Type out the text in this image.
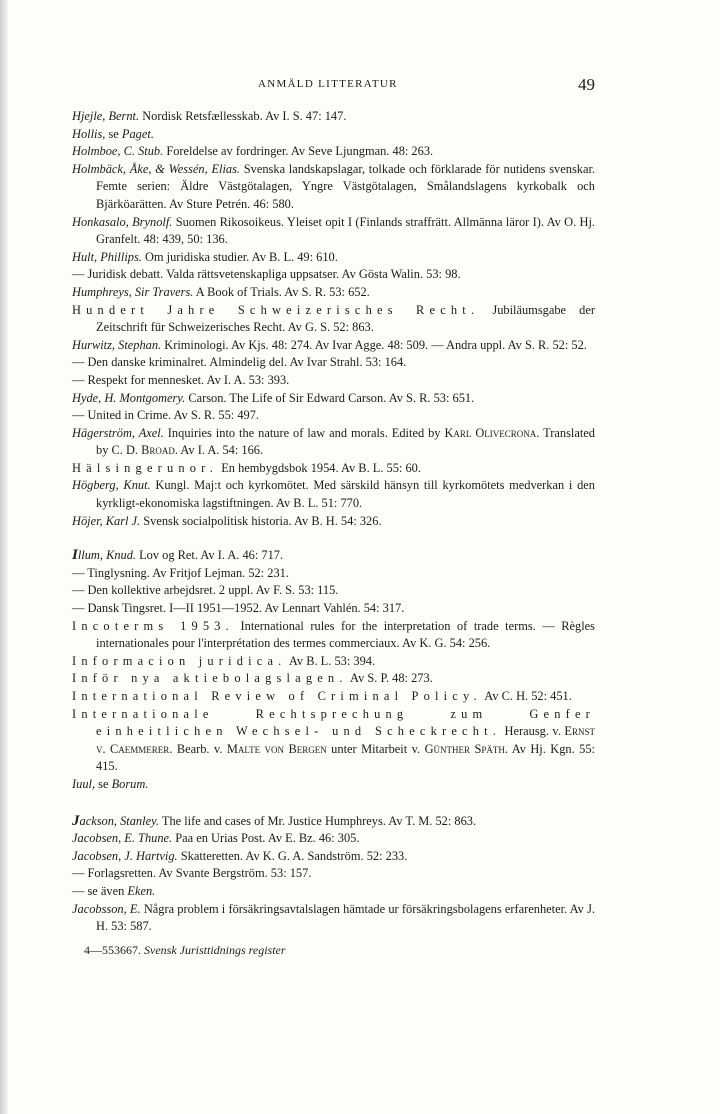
ANMÄLD LITTERATUR	49
Hjejle, Bernt. Nordisk Retsfællesskab. Av I. S. 47: 147.
Hollis, se Paget.
Holmboe, C. Stub. Foreldelse av fordringer. Av Seve Ljungman. 48: 263.
Holmbäck, Åke, & Wessén, Elias. Svenska landskapslagar, tolkade och förklarade för nutidens svenskar. Femte serien: Äldre Västgötalagen, Yngre Västgötalagen, Smålandslagens kyrkobalk och Bjärköarätten. Av Sture Petrén. 46: 580.
Honkasalo, Brynolf. Suomen Rikosoikeus. Yleiset opit I (Finlands straffrätt. Allmänna läror I). Av O. Hj. Granfelt. 48: 439, 50: 136.
Hult, Phillips. Om juridiska studier. Av B. L. 49: 610.
— Juridisk debatt. Valda rättsvetenskapliga uppsatser. Av Gösta Walin. 53: 98.
Humphreys, Sir Travers. A Book of Trials. Av S. R. 53: 652.
Hundert Jahre Schweizerisches Recht. Jubiläumsgabe der Zeitschrift für Schweizerisches Recht. Av G. S. 52: 863.
Hurwitz, Stephan. Kriminologi. Av Kjs. 48: 274. Av Ivar Agge. 48: 509. — Andra uppl. Av S. R. 52: 52.
— Den danske kriminalret. Almindelig del. Av Ivar Strahl. 53: 164.
— Respekt for mennesket. Av I. A. 53: 393.
Hyde, H. Montgomery. Carson. The Life of Sir Edward Carson. Av S. R. 53: 651.
— United in Crime. Av S. R. 55: 497.
Hägerström, Axel. Inquiries into the nature of law and morals. Edited by Karl Olivecrona. Translated by C. D. Broad. Av I. A. 54: 166.
Hälsingerunor. En hembygdsbok 1954. Av B. L. 55: 60.
Högberg, Knut. Kungl. Maj:t och kyrkomötet. Med särskild hänsyn till kyrkomötets medverkan i den kyrkligt-ekonomiska lagstiftningen. Av B. L. 51: 770.
Höjer, Karl J. Svensk socialpolitisk historia. Av B. H. 54: 326.
Illum, Knud. Lov og Ret. Av I. A. 46: 717.
— Tinglysning. Av Fritjof Lejman. 52: 231.
— Den kollektive arbejdsret. 2 uppl. Av F. S. 53: 115.
— Dansk Tingsret. I—II 1951—1952. Av Lennart Vahlén. 54: 317.
Incoterms 1953. International rules for the interpretation of trade terms. — Règles internationales pour l'interprétation des termes commerciaux. Av K. G. 54: 256.
Informacion juridica. Av B. L. 53: 394.
Inför nya aktiebolagslagen. Av S. P. 48: 273.
International Review of Criminal Policy. Av C. H. 52: 451.
Internationale Rechtsprechung zum Genfer einheitlichen Wechsel- und Scheckrecht. Herausg. v. Ernst v. Caemmerer. Bearb. v. Malte von Bergen unter Mitarbeit v. Günther Späth. Av Hj. Kgn. 55: 415.
Iuul, se Borum.
Jackson, Stanley. The life and cases of Mr. Justice Humphreys. Av T. M. 52: 863.
Jacobsen, E. Thune. Paa en Urias Post. Av E. Bz. 46: 305.
Jacobsen, J. Hartvig. Skatteretten. Av K. G. A. Sandström. 52: 233.
— Forlagsretten. Av Svante Bergström. 53: 157.
— se även Eken.
Jacobsson, E. Några problem i försäkringsavtalslagen hämtade ur försäkringsbolagens erfarenheter. Av J. H. 53: 587.
4—553667. Svensk Juristtidnings register
